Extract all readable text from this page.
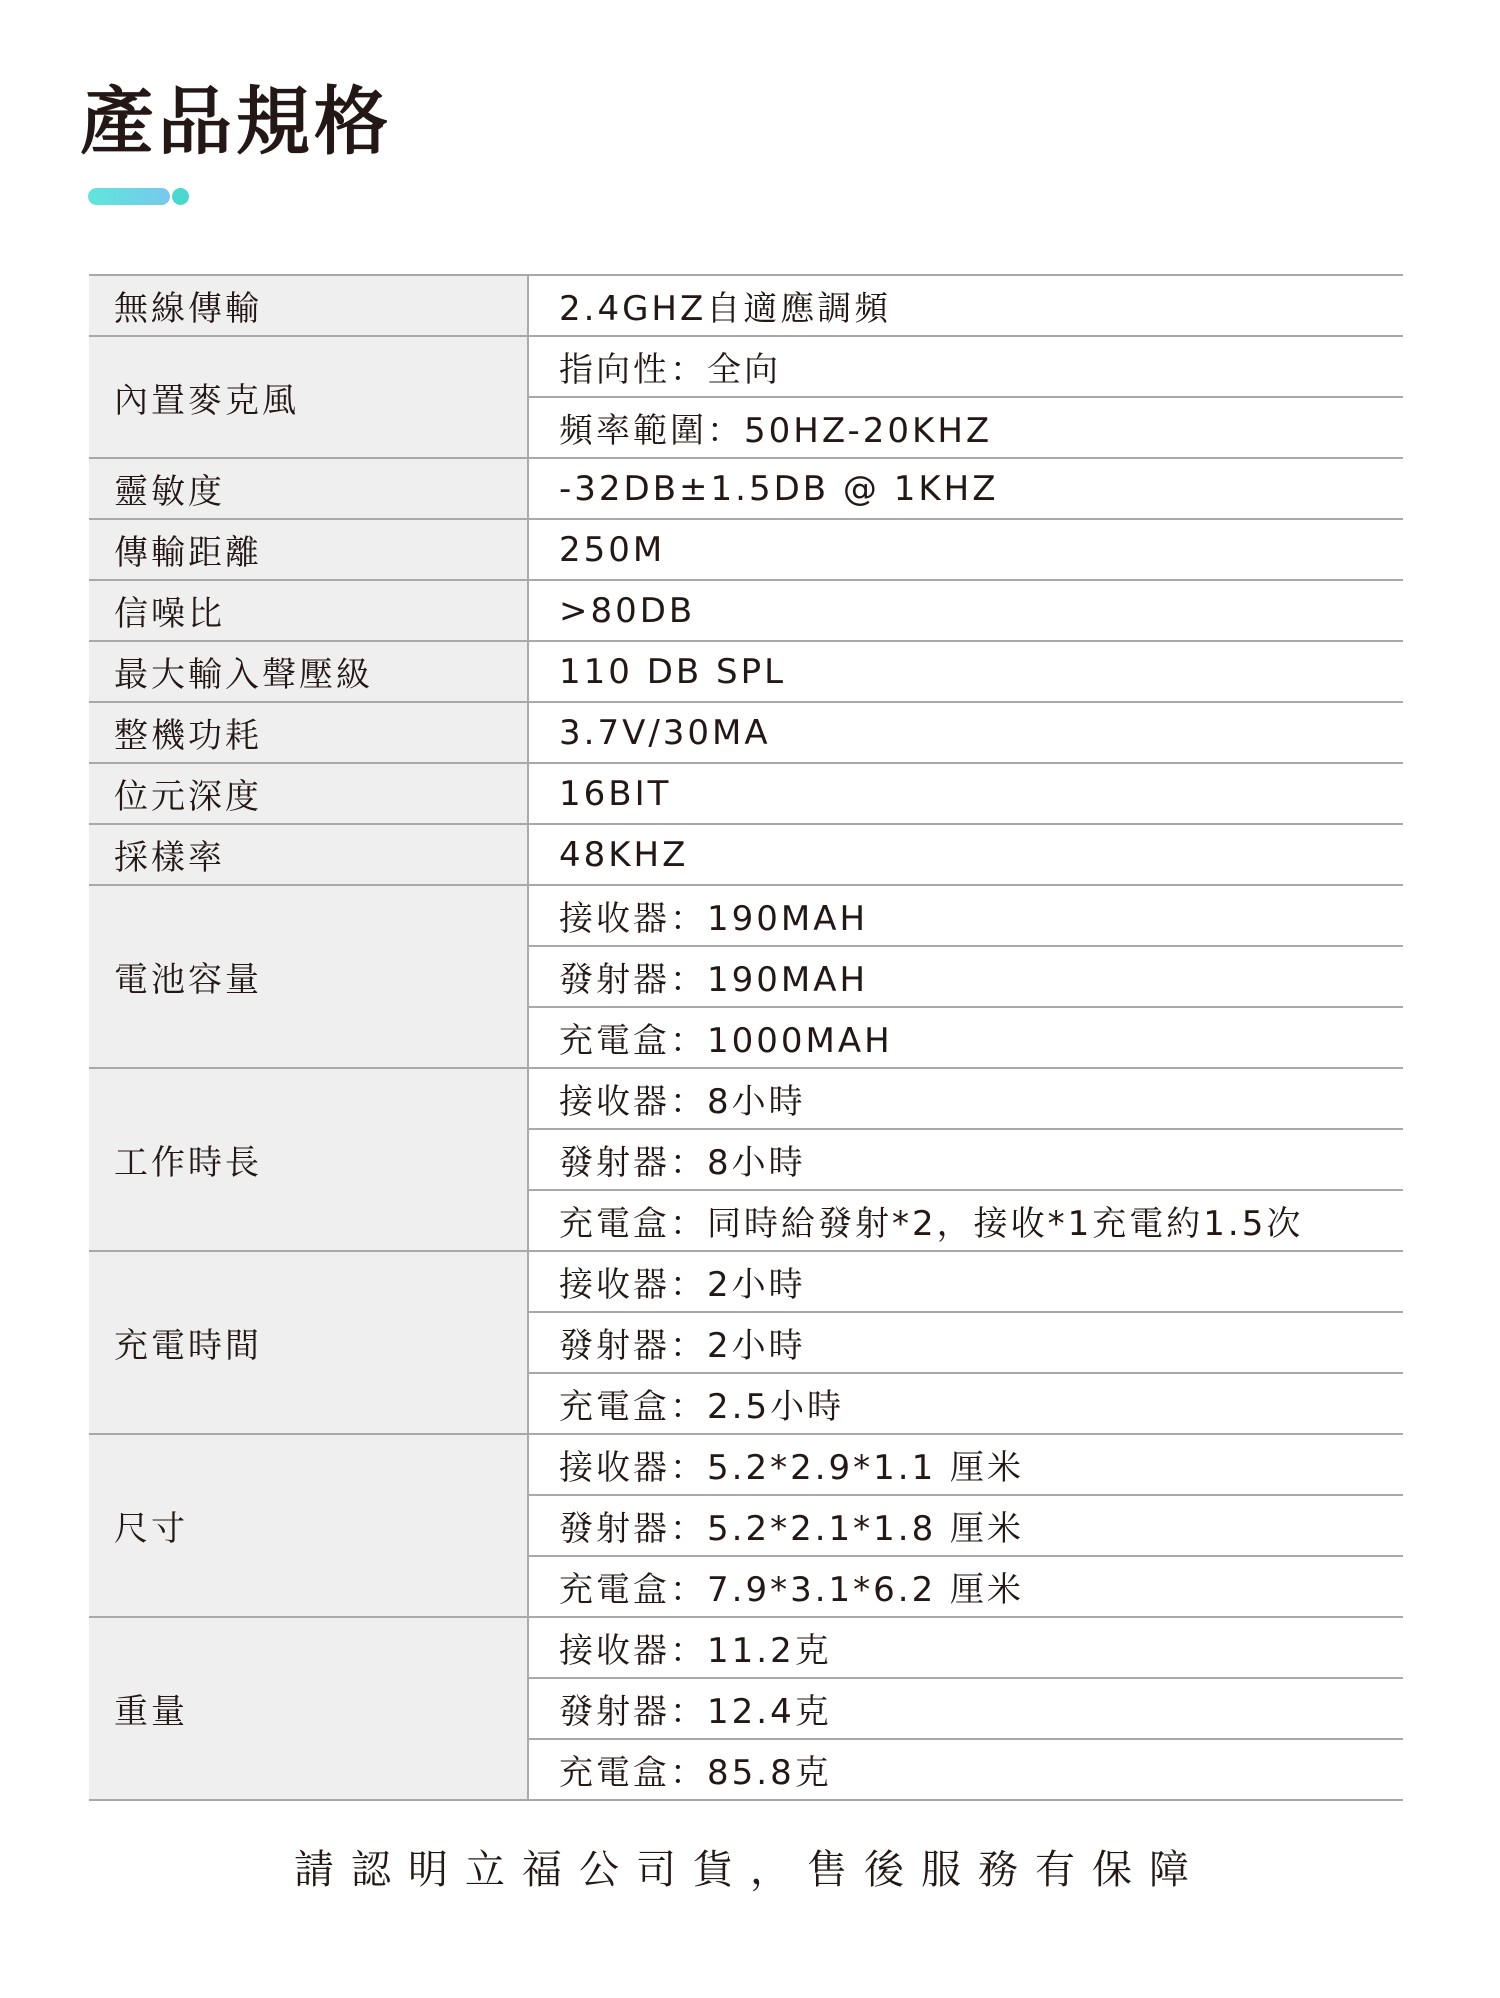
產品規格
無線傳輸	2.4GHZ自適應調頻
內置麥克風	指向性：全向
	頻率範圍：50HZ-20KHZ
靈敏度	-32DB±1.5DB @ 1KHZ
傳輸距離	250M
信噪比	>80DB
最大輸入聲壓級	110 DB SPL
整機功耗	3.7V/30MA
位元深度	16BIT
採樣率	48KHZ
電池容量	接收器：190MAH
	發射器：190MAH
	充電盒：1000MAH
工作時長	接收器：8小時
	發射器：8小時
	充電盒：同時給發射*2，接收*1充電約1.5次
充電時間	接收器：2小時
	發射器：2小時
	充電盒：2.5小時
尺寸	接收器：5.2*2.9*1.1 厘米
	發射器：5.2*2.1*1.8 厘米
	充電盒：7.9*3.1*6.2 厘米
重量	接收器：11.2克
	發射器：12.4克
	充電盒：85.8克
請認明立福公司貨，售後服務有保障
